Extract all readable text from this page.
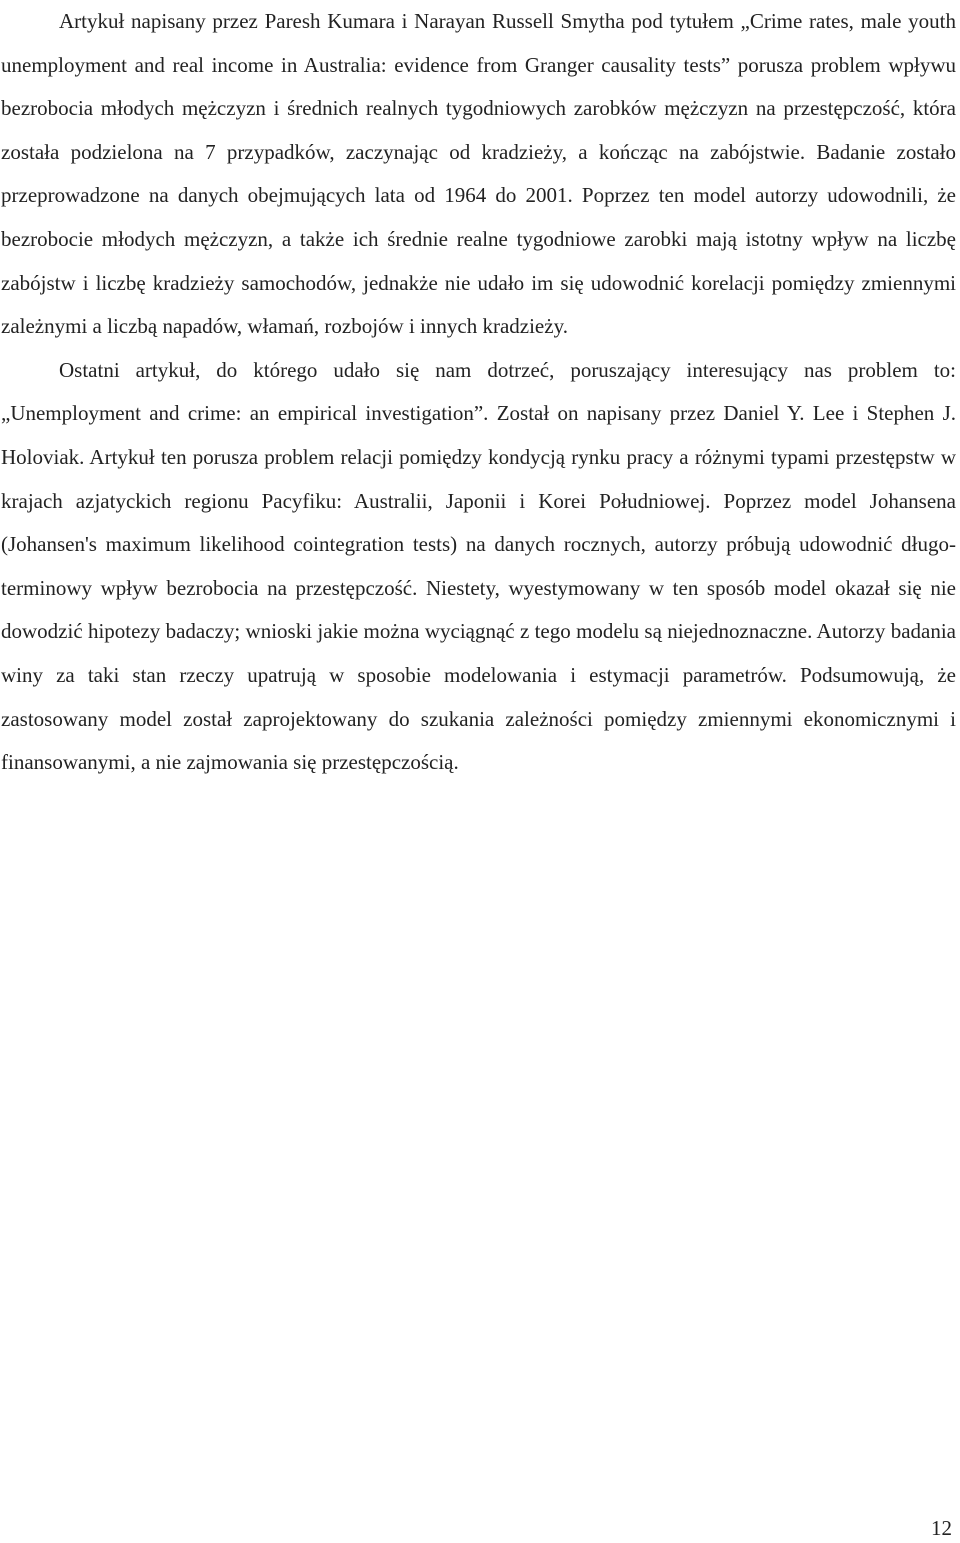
Artykuł napisany przez Paresh Kumara i Narayan Russell Smytha pod tytułem „Crime rates, male youth unemployment and real income in Australia: evidence from Granger causality tests” porusza problem wpływu bezrobocia młodych mężczyzn i średnich realnych tygodniowych zarobków mężczyzn na przestępczość, która została podzielona na 7 przypadków, zaczynając od kradzieży, a kończąc na zabójstwie. Badanie zostało przeprowadzone na danych obejmujących lata od 1964 do 2001. Poprzez ten model autorzy udowodnili, że bezrobocie młodych mężczyzn, a także ich średnie realne tygodniowe zarobki mają istotny wpływ na liczbę zabójstw i liczbę kradzieży samochodów, jednakże nie udało im się udowodnić korelacji pomiędzy zmiennymi zależnymi a liczbą napadów, włamań, rozbojów i innych kradzieży.

Ostatni artykuł, do którego udało się nam dotrzeć, poruszający interesujący nas problem to: „Unemployment and crime: an empirical investigation”. Został on napisany przez Daniel Y. Lee i Stephen J. Holoviak. Artykuł ten porusza problem relacji pomiędzy kondycją rynku pracy a różnymi typami przestępstw w krajach azjatyckich regionu Pacyfiku: Australii, Japonii i Korei Południowej. Poprzez model Johansena (Johansen's maximum likelihood cointegration tests) na danych rocznych, autorzy próbują udowodnić długo-terminowy wpływ bezrobocia na przestępczość. Niestety, wyestymowany w ten sposób model okazał się nie dowodzić hipotezy badaczy; wnioski jakie można wyciągnąć z tego modelu są niejednoznaczne. Autorzy badania winy za taki stan rzeczy upatrują w sposobie modelowania i estymacji parametrów. Podsumowują, że zastosowany model został zaprojektowany do szukania zależności pomiędzy zmiennymi ekonomicznymi i finansowanymi, a nie zajmowania się przestępczością.

12
